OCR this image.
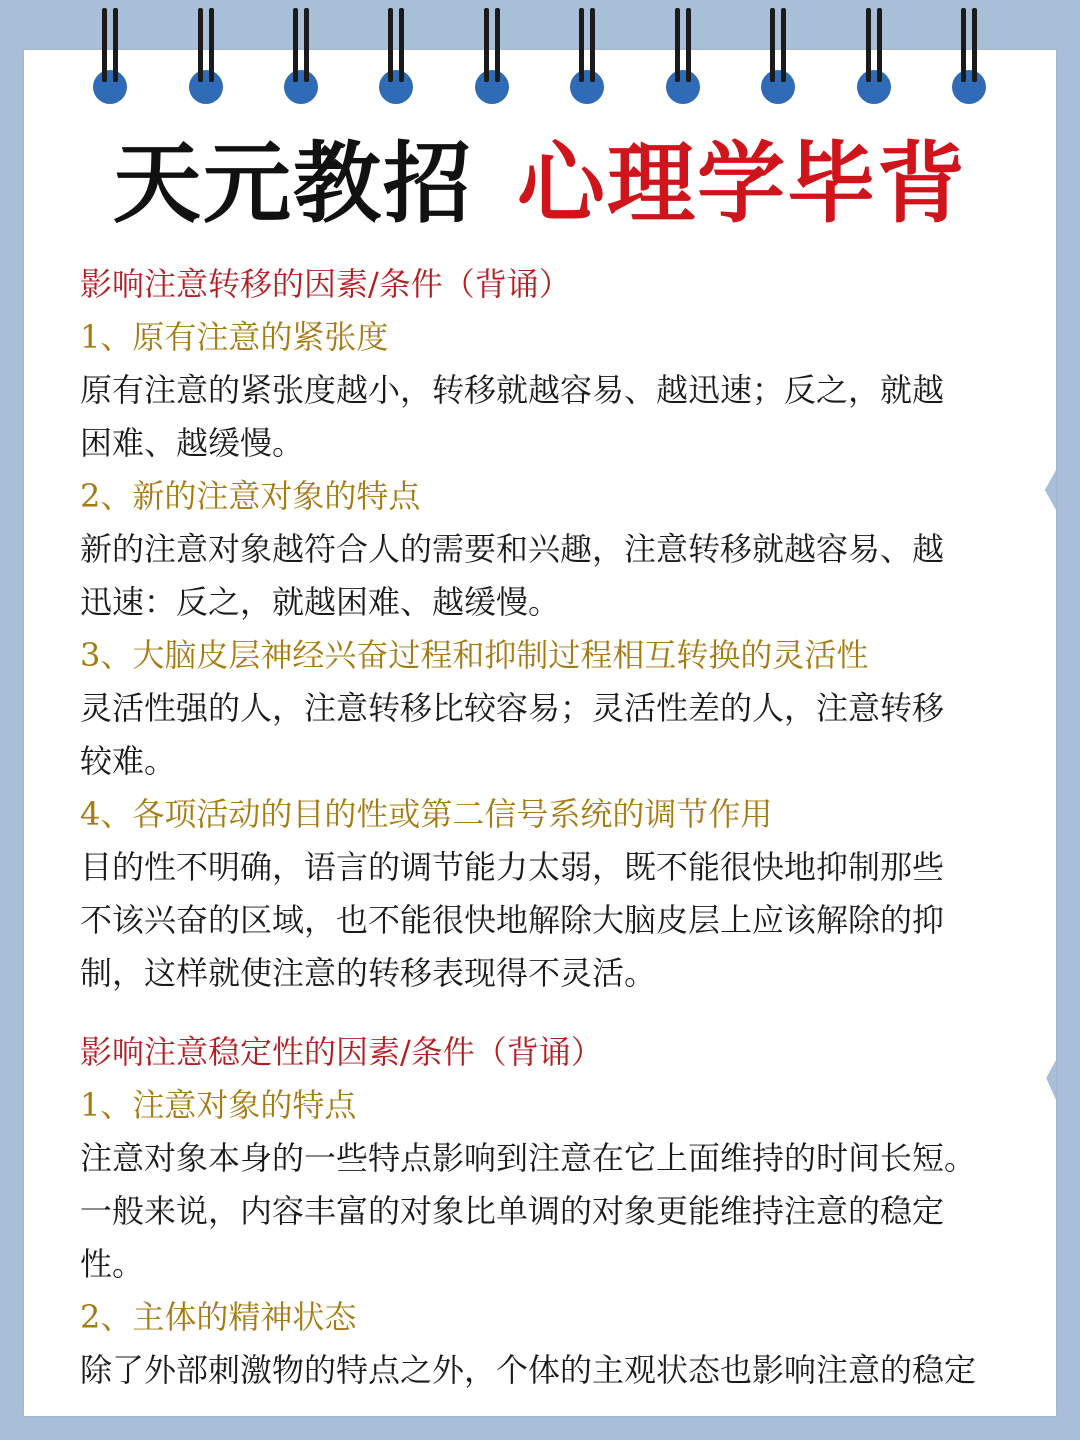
天元教招 心理学毕背
影响注意转移的因素/条件（背诵）
1、原有注意的紧张度
原有注意的紧张度越小，转移就越容易、越迅速；反之，就越
困难、越缓慢。
2、新的注意对象的特点
新的注意对象越符合人的需要和兴趣，注意转移就越容易、越
迅速：反之，就越困难、越缓慢。
3、大脑皮层神经兴奋过程和抑制过程相互转换的灵活性
灵活性强的人，注意转移比较容易；灵活性差的人，注意转移
较难。
4、各项活动的目的性或第二信号系统的调节作用
目的性不明确，语言的调节能力太弱，既不能很快地抑制那些
不该兴奋的区域，也不能很快地解除大脑皮层上应该解除的抑
制，这样就使注意的转移表现得不灵活。
影响注意稳定性的因素/条件（背诵）
1、注意对象的特点
注意对象本身的一些特点影响到注意在它上面维持的时间长短。
一般来说，内容丰富的对象比单调的对象更能维持注意的稳定
性。
2、主体的精神状态
除了外部刺激物的特点之外，个体的主观状态也影响注意的稳定
